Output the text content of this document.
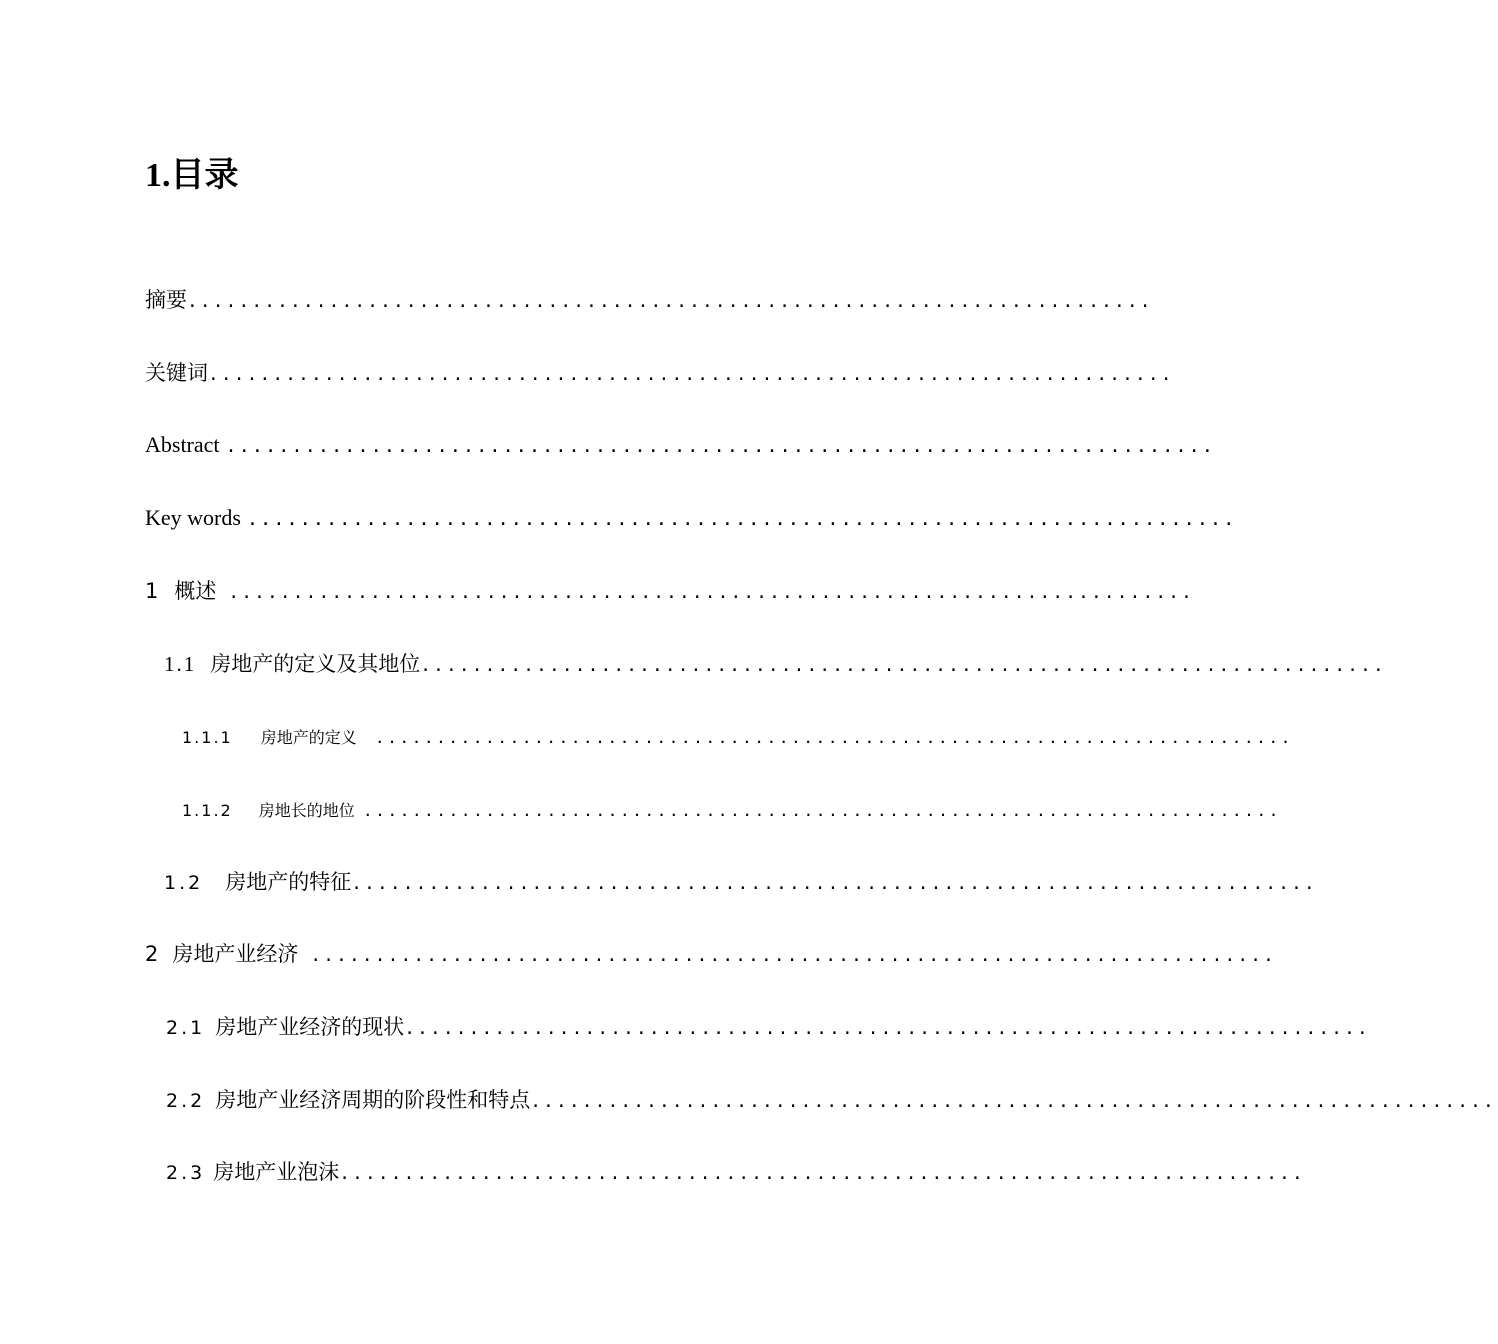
1.目录
摘要 ...........................................................................
关键词 ...........................................................................
Abstract ...........................................................................
Key words ...........................................................................
1 概述 ...........................................................................
1.1 房地产的定义及其地位 ...........................................................................
1.1.1 房地产的定义 ...........................................................................
1.1.2 房地长的地位 ...........................................................................
1.2 房地产的特征 ...........................................................................
2 房地产业经济 ...........................................................................
2.1 房地产业经济的现状 ...........................................................................
2.2 房地产业经济周期的阶段性和特点 ...........................................................................
2.3 房地产业泡沫 ...........................................................................
